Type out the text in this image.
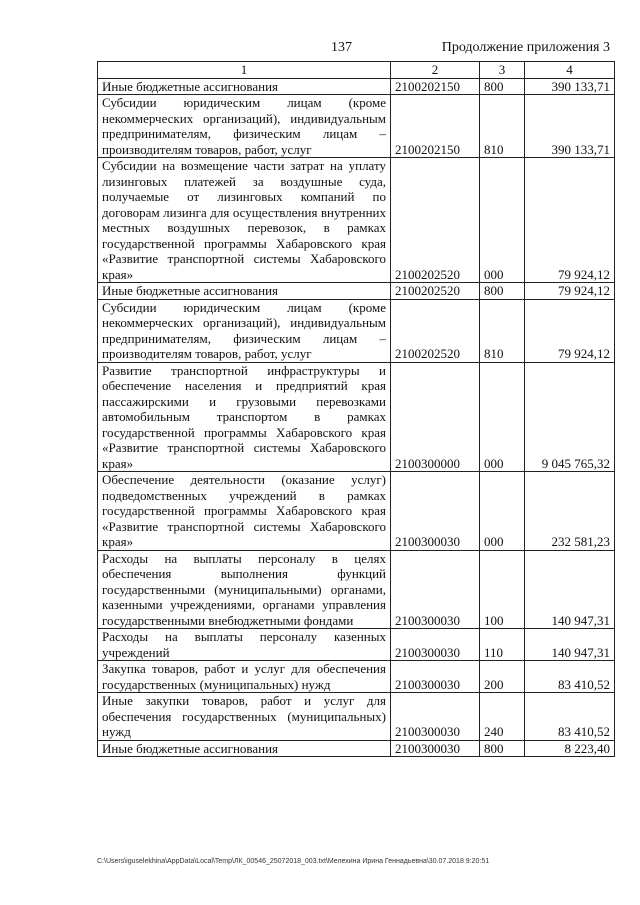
137	Продолжение приложения 3
1	2	3	4
Иные бюджетные ассигнования	2100202150	800	390 133,71
Субсидии юридическим лицам (кроме некоммерческих организаций), индивидуальным предпринимателям, физическим лицам – производителям товаров, работ, услуг	2100202150	810	390 133,71
Субсидии на возмещение части затрат на уплату лизинговых платежей за воздушные суда, получаемые от лизинговых компаний по договорам лизинга для осуществления внутренних местных воздушных перевозок, в рамках государственной программы Хабаровского края «Развитие транспортной системы Хабаровского края»	2100202520	000	79 924,12
Иные бюджетные ассигнования	2100202520	800	79 924,12
Субсидии юридическим лицам (кроме некоммерческих организаций), индивидуальным предпринимателям, физическим лицам – производителям товаров, работ, услуг	2100202520	810	79 924,12
Развитие транспортной инфраструктуры и обеспечение населения и предприятий края пассажирскими и грузовыми перевозками автомобильным транспортом в рамках государственной программы Хабаровского края «Развитие транспортной системы Хабаровского края»	2100300000	000	9 045 765,32
Обеспечение деятельности (оказание услуг) подведомственных учреждений в рамках государственной программы Хабаровского края «Развитие транспортной системы Хабаровского края»	2100300030	000	232 581,23
Расходы на выплаты персоналу в целях обеспечения выполнения функций государственными (муниципальными) органами, казенными учреждениями, органами управления государственными внебюджетными фондами	2100300030	100	140 947,31
Расходы на выплаты персоналу казенных учреждений	2100300030	110	140 947,31
Закупка товаров, работ и услуг для обеспечения государственных (муниципальных) нужд	2100300030	200	83 410,52
Иные закупки товаров, работ и услуг для обеспечения государственных (муниципальных) нужд	2100300030	240	83 410,52
Иные бюджетные ассигнования	2100300030	800	8 223,40
C:\Users\iguselekhina\AppData\Local\Temp\ЛК_00546_25072018_003.txt\Мелехина Ирина Геннадьевна\30.07.2018 9:20:51
